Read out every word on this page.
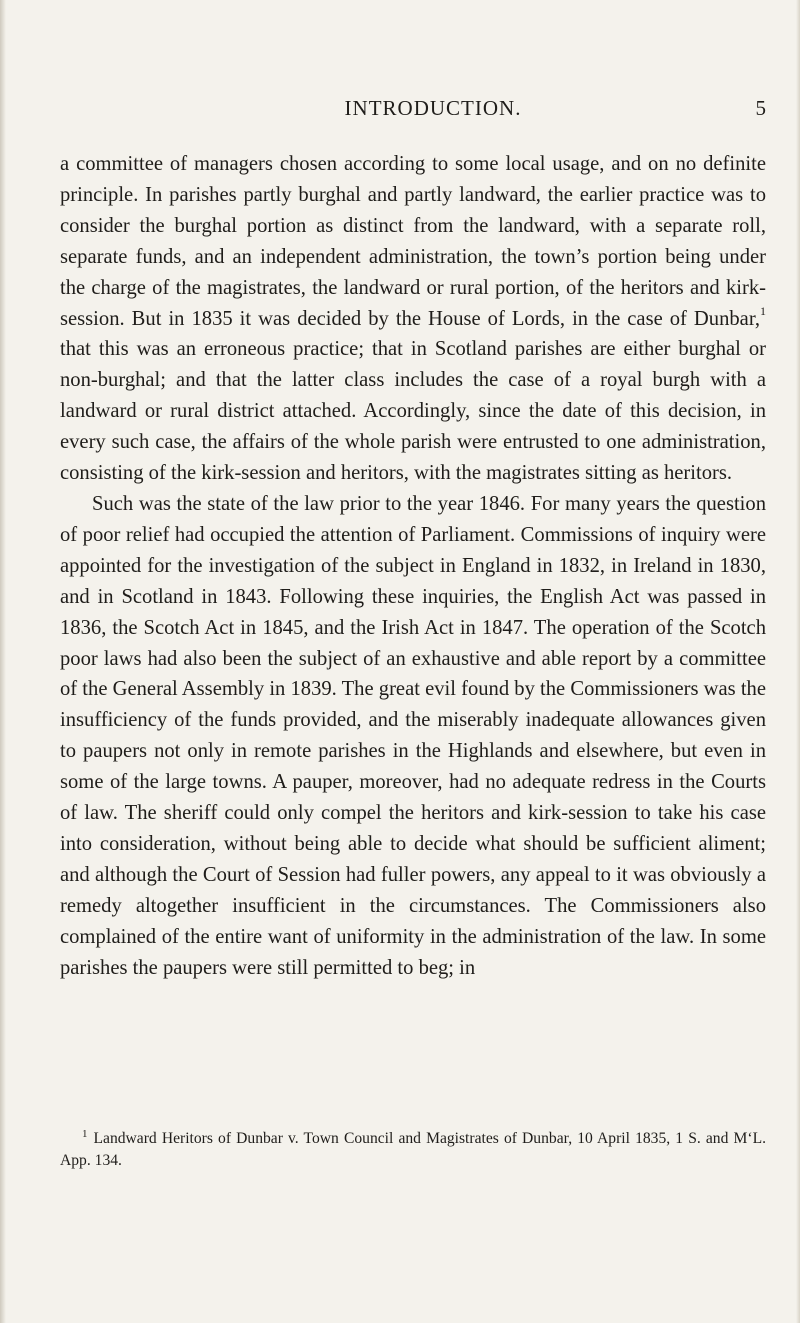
INTRODUCTION.	5

a committee of managers chosen according to some local usage, and on no definite principle. In parishes partly burghal and partly landward, the earlier practice was to consider the burghal portion as distinct from the landward, with a separate roll, separate funds, and an independent administration, the town’s portion being under the charge of the magistrates, the landward or rural portion, of the heritors and kirk-session. But in 1835 it was decided by the House of Lords, in the case of Dunbar,$^1$ that this was an erroneous practice; that in Scotland parishes are either burghal or non-burghal; and that the latter class includes the case of a royal burgh with a landward or rural district attached. Accordingly, since the date of this decision, in every such case, the affairs of the whole parish were entrusted to one administration, consisting of the kirk-session and heritors, with the magistrates sitting as heritors.

Such was the state of the law prior to the year 1846. For many years the question of poor relief had occupied the attention of Parliament. Commissions of inquiry were appointed for the investigation of the subject in England in 1832, in Ireland in 1830, and in Scotland in 1843. Following these inquiries, the English Act was passed in 1836, the Scotch Act in 1845, and the Irish Act in 1847. The operation of the Scotch poor laws had also been the subject of an exhaustive and able report by a committee of the General Assembly in 1839. The great evil found by the Commissioners was the insufficiency of the funds provided, and the miserably inadequate allowances given to paupers not only in remote parishes in the Highlands and elsewhere, but even in some of the large towns. A pauper, moreover, had no adequate redress in the Courts of law. The sheriff could only compel the heritors and kirk-session to take his case into consideration, without being able to decide what should be sufficient aliment; and although the Court of Session had fuller powers, any appeal to it was obviously a remedy altogether insufficient in the circumstances. The Commissioners also complained of the entire want of uniformity in the administration of the law. In some parishes the paupers were still permitted to beg; in

$^1$ Landward Heritors of Dunbar v. Town Council and Magistrates of Dunbar, 10 April 1835, 1 S. and M‘L. App. 134.
